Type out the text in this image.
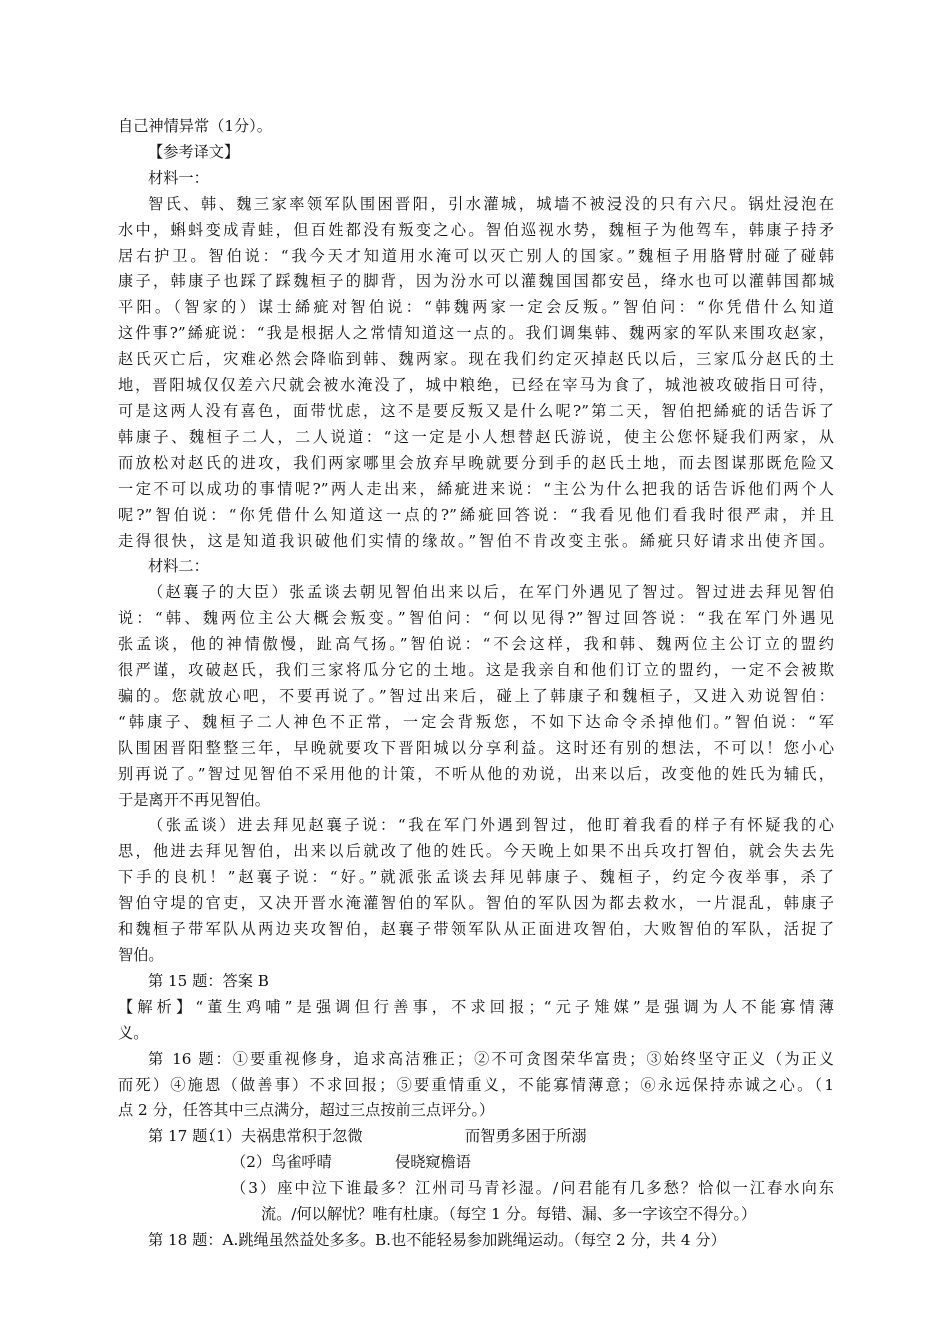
自己神情异常（1分）。
【参考译文】
材料一：
智氏、韩、魏三家率领军队围困晋阳，引水灌城，城墙不被浸没的只有六尺。锅灶浸泡在
水中，蝌蚪变成青蛙，但百姓都没有叛变之心。智伯巡视水势，魏桓子为他驾车，韩康子持矛
居右护卫。智伯说：“我今天才知道用水淹可以灭亡别人的国家。”魏桓子用胳臂肘碰了碰韩
康子，韩康子也踩了踩魏桓子的脚背，因为汾水可以灌魏国国都安邑，绛水也可以灌韩国都城
平阳。（智家的）谋士絺疵对智伯说：“韩魏两家一定会反叛。”智伯问：“你凭借什么知道
这件事?”絺疵说：“我是根据人之常情知道这一点的。我们调集韩、魏两家的军队来围攻赵家，
赵氏灭亡后，灾难必然会降临到韩、魏两家。现在我们约定灭掉赵氏以后，三家瓜分赵氏的土
地，晋阳城仅仅差六尺就会被水淹没了，城中粮绝，已经在宰马为食了，城池被攻破指日可待，
可是这两人没有喜色，面带忧虑，这不是要反叛又是什么呢?”第二天，智伯把絺疵的话告诉了
韩康子、魏桓子二人，二人说道：“这一定是小人想替赵氏游说，使主公您怀疑我们两家，从
而放松对赵氏的进攻，我们两家哪里会放弃早晚就要分到手的赵氏土地，而去图谋那既危险又
一定不可以成功的事情呢?”两人走出来，絺疵进来说：“主公为什么把我的话告诉他们两个人
呢?”智伯说：“你凭借什么知道这一点的?”絺疵回答说：“我看见他们看我时很严肃，并且
走得很快，这是知道我识破他们实情的缘故。”智伯不肯改变主张。絺疵只好请求出使齐国。
材料二：
（赵襄子的大臣）张孟谈去朝见智伯出来以后，在军门外遇见了智过。智过进去拜见智伯
说：“韩、魏两位主公大概会叛变。”智伯问：“何以见得?”智过回答说：“我在军门外遇见
张孟谈，他的神情傲慢，趾高气扬。”智伯说：“不会这样，我和韩、魏两位主公订立的盟约
很严谨，攻破赵氏，我们三家将瓜分它的土地。这是我亲自和他们订立的盟约，一定不会被欺
骗的。您就放心吧，不要再说了。”智过出来后，碰上了韩康子和魏桓子，又进入劝说智伯：
“韩康子、魏桓子二人神色不正常，一定会背叛您，不如下达命令杀掉他们。”智伯说：“军
队围困晋阳整整三年，早晚就要攻下晋阳城以分享利益。这时还有别的想法，不可以！您小心
别再说了。”智过见智伯不采用他的计策，不听从他的劝说，出来以后，改变他的姓氏为辅氏，
于是离开不再见智伯。
（张孟谈）进去拜见赵襄子说：“我在军门外遇到智过，他盯着我看的样子有怀疑我的心
思，他进去拜见智伯，出来以后就改了他的姓氏。今天晚上如果不出兵攻打智伯，就会失去先
下手的良机！”赵襄子说：“好。”就派张孟谈去拜见韩康子、魏桓子，约定今夜举事，杀了
智伯守堤的官吏，又决开晋水淹灌智伯的军队。智伯的军队因为都去救水，一片混乱，韩康子
和魏桓子带军队从两边夹攻智伯，赵襄子带领军队从正面进攻智伯，大败智伯的军队，活捉了
智伯。
第 15 题：答案 B
【解析】“董生鸡哺”是强调但行善事，不求回报；“元子雉媒”是强调为人不能寡情薄
义。
第 16 题：①要重视修身，追求高洁雅正；②不可贪图荣华富贵；③始终坚守正义（为正义
而死）④施恩（做善事）不求回报；⑤要重情重义，不能寡情薄意；⑥永远保持赤诚之心。（1
点 2 分，任答其中三点满分，超过三点按前三点评分。）
第 17 题：
（1）夫祸患常积于忽微	而智勇多困于所溺
（2）鸟雀呼晴	侵晓窥檐语
（3）座中泣下谁最多？江州司马青衫湿。/问君能有几多愁？恰似一江春水向东
流。/何以解忧？唯有杜康。（每空 1 分。每错、漏、多一字该空不得分。）
第 18 题：A.跳绳虽然益处多多。B.也不能轻易参加跳绳运动。（每空 2 分，共 4 分）
